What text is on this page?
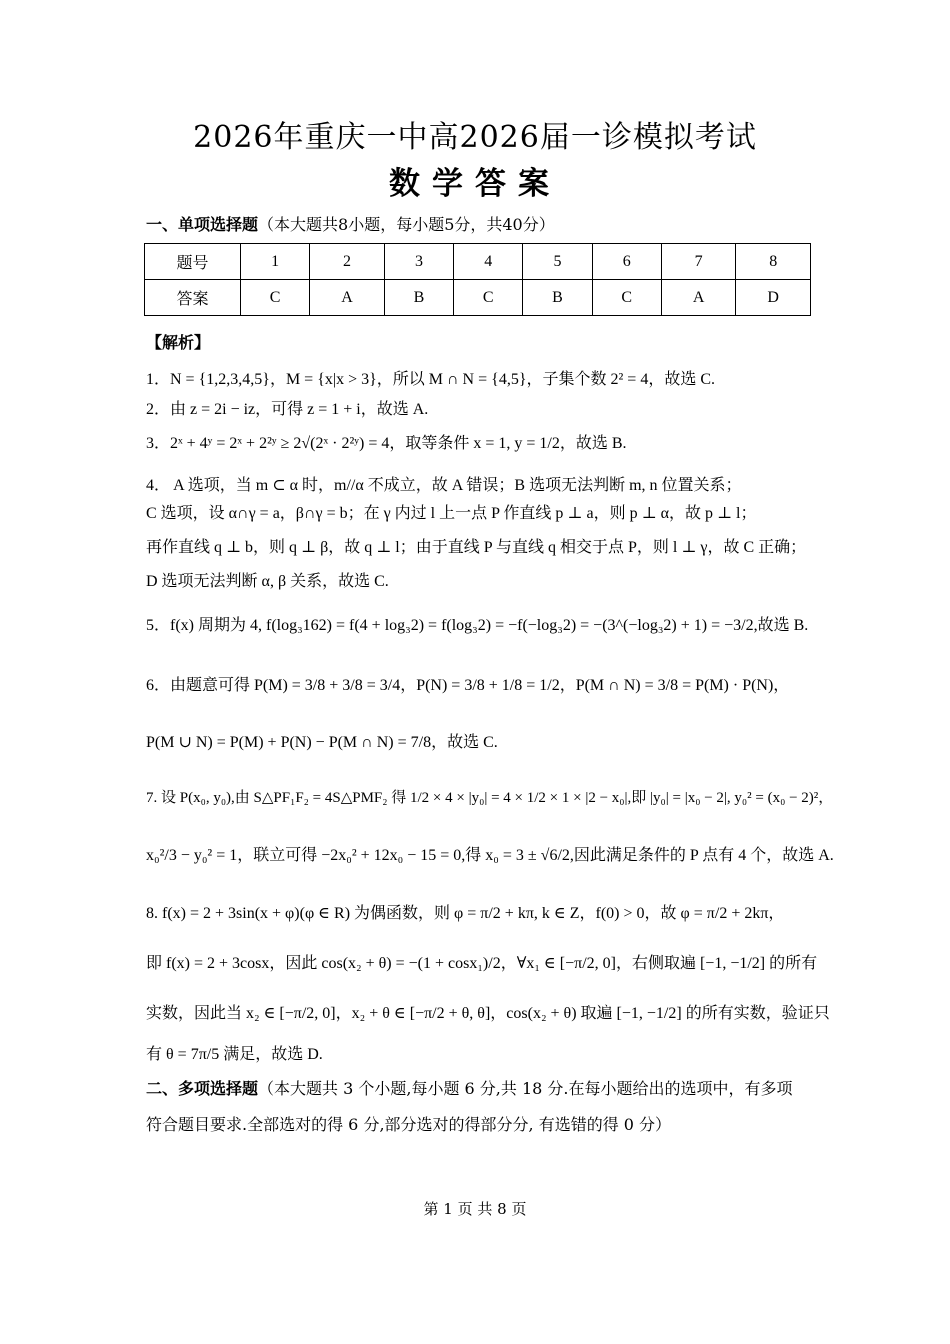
2026年重庆一中高2026届一诊模拟考试
数学答案
一、单项选择题（本大题共8小题，每小题5分，共40分）
题号	1	2	3	4	5	6	7	8
答案	C	A	B	C	B	C	A	D
【解析】
1．N = {1,2,3,4,5}，M = {x|x > 3}，所以 M ∩ N = {4,5}，子集个数 2² = 4，故选 C.
2．由 z = 2i − iz，可得 z = 1 + i，故选 A.
3．2ˣ + 4ʸ = 2ˣ + 2²ʸ ≥ 2√(2ˣ · 2²ʸ) = 4，取等条件 x = 1, y = 1/2，故选 B.
4． A 选项，当 m ⊂ α 时，m//α 不成立，故 A 错误；B 选项无法判断 m, n 位置关系；
C 选项，设 α∩γ = a，β∩γ = b；在 γ 内过 l 上一点 P 作直线 p ⊥ a，则 p ⊥ α，故 p ⊥ l；
再作直线 q ⊥ b，则 q ⊥ β，故 q ⊥ l；由于直线 P 与直线 q 相交于点 P，则 l ⊥ γ，故 C 正确；
D 选项无法判断 α, β 关系，故选 C.
5．f(x) 周期为 4, f(log₃162) = f(4 + log₃2) = f(log₃2) = −f(−log₃2) = −(3^(−log₃2) + 1) = −3/2,故选 B.
6．由题意可得 P(M) = 3/8 + 3/8 = 3/4，P(N) = 3/8 + 1/8 = 1/2，P(M ∩ N) = 3/8 = P(M) · P(N)，
P(M ∪ N) = P(M) + P(N) − P(M ∩ N) = 7/8，故选 C.
7. 设 P(x₀, y₀),由 S△PF₁F₂ = 4S△PMF₂ 得 1/2 × 4 × |y₀| = 4 × 1/2 × 1 × |2 − x₀|,即 |y₀| = |x₀ − 2|, y₀² = (x₀ − 2)²，
x₀²/3 − y₀² = 1，联立可得 −2x₀² + 12x₀ − 15 = 0,得 x₀ = 3 ± √6/2,因此满足条件的 P 点有 4 个，故选 A.
8. f(x) = 2 + 3sin(x + φ)(φ ∈ R) 为偶函数，则 φ = π/2 + kπ, k ∈ Z，f(0) > 0，故 φ = π/2 + 2kπ，
即 f(x) = 2 + 3cosx，因此 cos(x₂ + θ) = −(1 + cosx₁)/2，∀x₁ ∈ [−π/2, 0]，右侧取遍 [−1, −1/2] 的所有
实数，因此当 x₂ ∈ [−π/2, 0]，x₂ + θ ∈ [−π/2 + θ, θ]，cos(x₂ + θ) 取遍 [−1, −1/2] 的所有实数，验证只
有 θ = 7π/5 满足，故选 D.
二、多项选择题（本大题共 3 个小题,每小题 6 分,共 18 分.在每小题给出的选项中，有多项
符合题目要求.全部选对的得 6 分,部分选对的得部分分, 有选错的得 0 分）
第 1 页 共 8 页
